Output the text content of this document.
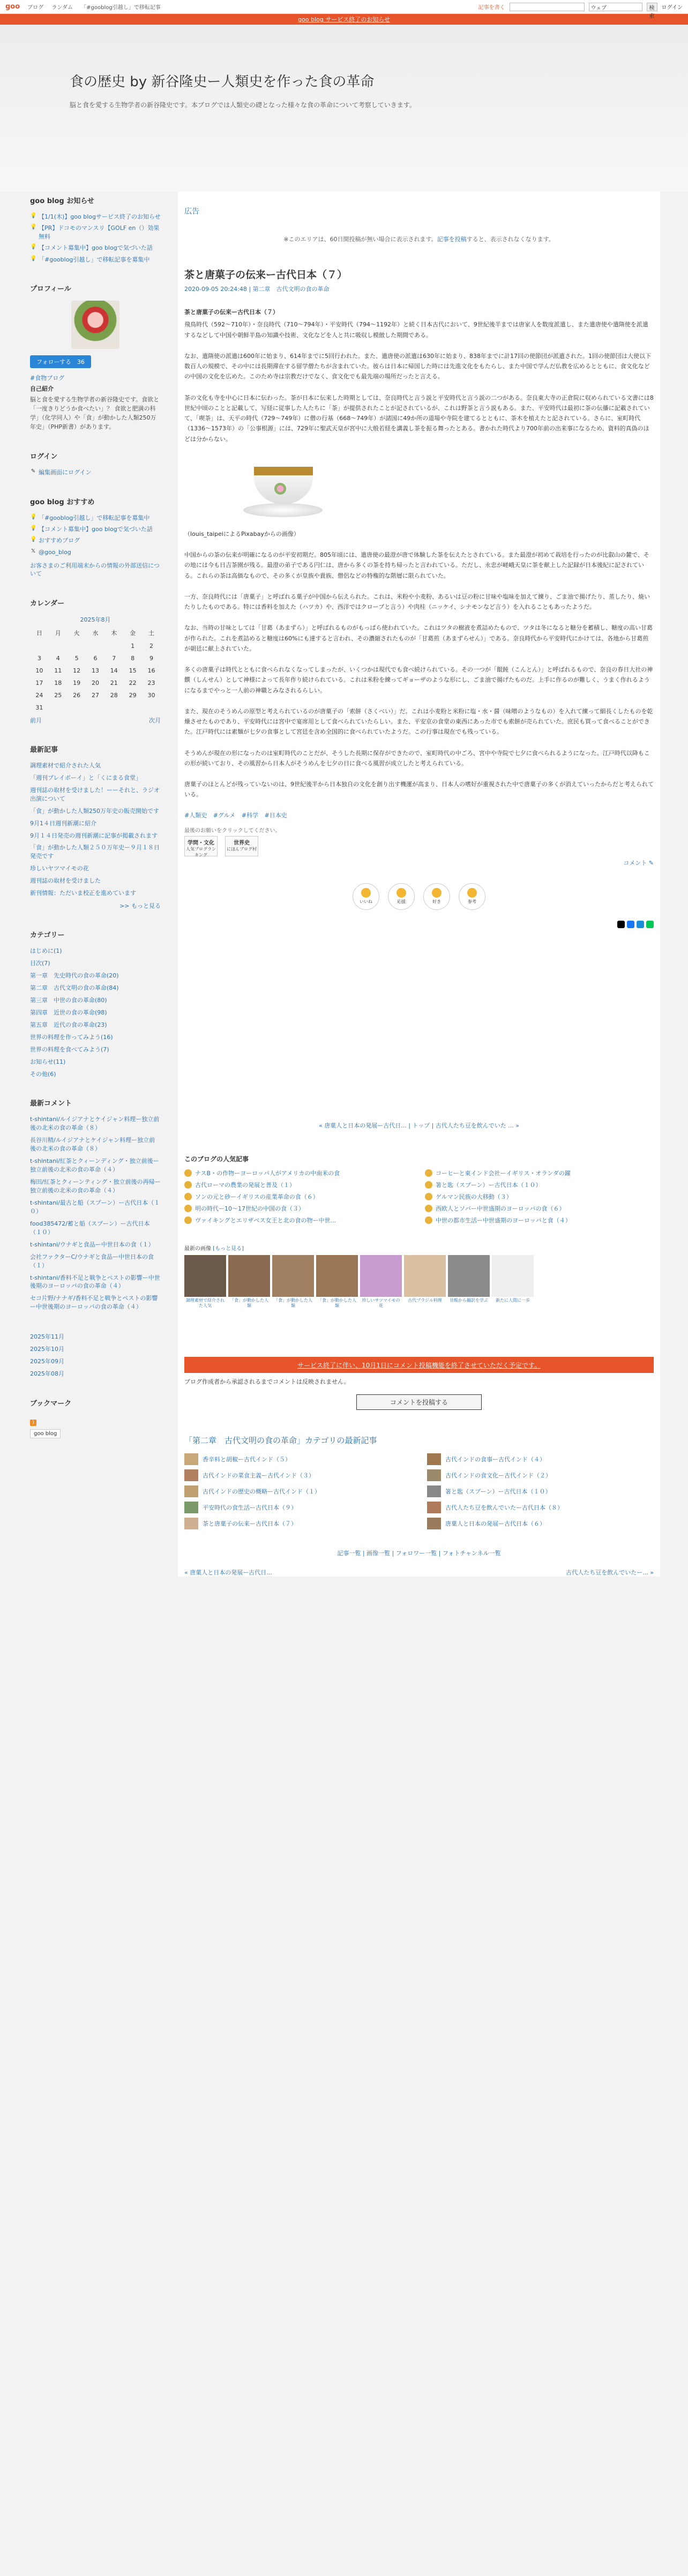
goo ブログ ランダム 「#gooblog引越し」で移転記事	記事を書く	ウェブ	検索
ログイン
goo blog サービス終了のお知らせ
食の歴史 by 新谷隆史ー人類史を作った食の革命

脳と食を愛する生物学者の新谷隆史です。本ブログでは人類史の礎となった様々な食の革命について考察していきます。

goo blog お知らせ
💡 【1/1(木)】goo blogサービス終了のお知らせ
💡 【PR】ドコモのマンスリ【GOLF en（）効果無料
💡 【コメント募集中】goo blogで気づいた話
💡 「#gooblog引越し」で移転記事を募集中
プロフィール
フォローする　 36
#食物ブログ
自己紹介

脳と食を愛する生物学者の新谷隆史です。食欲と「一度きりどうか食べたい」？ 食欲と肥満の科学」（化学同人）や「食」が動かした人類250万年史」（PHP新書）があります。

ログイン
✎ 編集画面にログイン
goo blog おすすめ
💡 「#gooblog引越し」で移転記事を募集中
💡 【コメント募集中】goo blogで気づいた話
💡 おすすめブログ
𝕏 @goo_blog
お客さまのご利用端末からの情報の外部送信について
カレンダー
2025年8月
日	月	火	水	木	金	土
					1	2
3	4	5	6	7	8	9
10	11	12	13	14	15	16
17	18	19	20	21	22	23
24	25	26	27	28	29	30
31						
前月	次月
最新記事
調理素材で紹介された人気
「週刊プレイボーイ」と「くにまる食堂」
週刊誌の取材を受けました！ーーそれと、ラジオ出演について
「食」が動かした人類250万年史の販売開始です
9月1４日週刊新潮に紹介
9月１４日発売の週刊新潮に記事が掲載されます
「食」が動かした人類２５０万年史ー９月１８日発売です
珍しいヤツマイモの花
週刊誌の取材を受けました
新刊情報：ただいま校正を進めています
>> もっと見る
カテゴリー
はじめに(1)
目次(7)
第一章　先史時代の食の革命(20)
第二章　古代文明の食の革命(84)
第三章　中世の食の革命(80)
第四章　近世の食の革命(98)
第五章　近代の食の革命(23)
世界の料理を作ってみよう(16)
世界の料理を食べてみよう(7)
お知らせ(11)
その他(6)
最新コメント
t-shintani/ルイジアナとケイジャン料理ー独立前後の北米の食の革命（８）
長谷川精/ルイジアナとケイジャン料理ー独立前後の北米の食の革命（８）
t-shintani/紅茶とクィーンディング・独立前後ー独立前後の北米の食の革命（４）
梅田/紅茶とクィーンティング・独立前後の再帰ー独立前後の北米の食の革命（４）
t-shintani/最古と船（スプーン）ー古代日本（１０）
food385472/蓄と船（スプーン）ー古代日本（１０）
t-shintani/ウナギと食品ー中世日本の食（１）
会社ファクターC/ウナギと食品ー中世日本の食（１）
t-shintani/香料不足と戦争とペストの影響ー中世後期のヨーロッパの食の革命（４）
セコ片野/ナナギ/香料不足と戦争とペストの影響ー中世後期のヨーロッパの食の革命（４）
2025年11月
2025年10月
2025年09月
2025年08月
ブックマーク
)
goo blog
広告

※このエリアは、60日間投稿が無い場合に表示されます。記事を投稿すると、表示されなくなります。

茶と唐菓子の伝来ー古代日本（７）
2020-09-05 20:24:48 | 第二章　古代文明の食の革命
茶と唐菓子の伝来ー古代日本（７）

飛鳥時代（592〜710年）・奈良時代（710〜794年）・平安時代（794〜1192年）と続く日本古代において、9世紀後半までは唐家人を数度派遣し、また遣唐使や遣隋使を派遣するなどして中国や朝鮮半島の知識や技術、文化などを人と共に吸収し模倣した期間である。

なお、遣隋使の派遣は600年に始まり、614年までに5回行われた。また、遣唐使の派遣は630年に始まり、838年までに計17回の使節団が派遣された。1回の使節団は大使以下数百人の規模で、その中には長期滞在する留学僧たちが含まれていた。彼らは日本に帰国した時には先進文化をもたらし、また中国で学んだ仏教を広めるとともに、食文化などの中国の文化を広めた。このため寺は宗教だけでなく、食文化でも最先端の場所だったと言える。

茶の文化も寺を中心に日本に伝わった。茶が日本に伝来した時期としては、奈良時代と言う説と平安時代と言う説の二つがある。奈良東大寺の正倉院に収められている文書には8世紀中頃のことと記載して、写経に従事した人たちに「茶」が提供されたことが記されているが、これは野茶と言う説もある。また、平安時代は最初に茶の伝播に記載されていて、「喫茶」は、天平の時代（729〜749年）に僧の行基（668〜749年）が諸国に49か所の道場や寺院を建てるとともに、茶木を植えたと記されている。さらに、室町時代（1336〜1573年）の「公事根源」には、729年に聖武天皇が宮中に大般若経を講義し茶を振る舞ったとある。書かれた時代より700年前の出来事になるため、資料的真偽のほどは分からない。

（louis_taipeiによるPixabayからの画像）

中国からの茶の伝来が明確になるのが平安初期だ。805年頃には、遣唐使の最澄が唐で体験した茶を伝えたとされている。また最澄が初めて栽培を行ったのが比叡山の麓で、その地には今も日吉茶園が残る。最澄の弟子である円仁は、唐から多くの茶を持ち帰ったと言われている。ただし、永忠が嵯峨天皇に茶を献上した記録が日本後紀に記されている。これらの茶は高価なもので、その多くが皇族や貴族、僧侶などの特権的な階層に限られていた。

一方、奈良時代には「唐菓子」と呼ばれる菓子が中国から伝えられた。これは、米粉や小麦粉、あるいは豆の粉に甘味や塩味を加えて練り、ごま油で揚げたり、蒸したり、焼いたりしたものである。特には香料を加えた（ハツカ）や、西洋ではクローブと言う）や肉桂（ニッケイ、シナモンなど言う）を入れることもあったようだ。

なお、当時の甘味としては「甘葛（あまずら）」と呼ばれるものがもっぱら使われていた。これはツタの樹液を煮詰めたもので、ツタは冬になると糖分を蓄積し、糖度の高い甘葛が作られた。これを煮詰めると糖度は60%にも達すると言われ、その濃縮されたものが「甘葛煎（あまずらせん）」である。奈良時代から平安時代にかけては、各地から甘葛煎が朝廷に献上されていた。

多くの唐菓子は時代とともに食べられなくなってしまったが、いくつかは現代でも食べ続けられている。その一つが「餛飩（こんとん）」と呼ばれるもので、奈良の春日大社の神饌（しんせん）として神様によって長年作り続けられている。これは米粉を練ってギョーザのような形にし、ごま油で揚げたものだ。上手に作るのが難しく、うまく作れるようになるまでやっと一人前の神職とみなされるらしい。

また、現在のそうめんの原型と考えられているのが唐菓子の「索餅（さくべい）」だ。これは小麦粉と米粉に塩・水・醤（味噌のようなもの）を入れて練って細長くしたものを乾燥させたものであり、平安時代には宮中で宴席用として食べられていたらしい。また、平安京の食堂の東西にあった市でも索餅が売られていた。庶民も買って食べることができた。江戸時代には素麺が七夕の食事として宮廷を含め全国的に食べられていたようだ。この行事は現在でも残っている。

そうめんが現在の形になったのは室町時代のことだが、そうした長期に保存ができたので、室町時代の中ごろ、宮中や寺院で七夕に食べられるようになった。江戸時代以降もこの形が続いており、その風習から日本人がそうめんを七夕の日に食べる風習が成立したと考えられている。

唐菓子のほとんどが残っていないのは、9世紀後半から日本独自の文化を創り出す機運が高まり、日本人の嗜好が重視された中で唐菓子の多くが消えていったからだと考えられている。

#人類史 #グルメ #科学 #日本史
最後のお願いをクリックしてください。
学問・文化
人気ブログランキング
世界史
にほんブログ村
コメント ✎
いいね	応援	好き	参考
« 唐菓人と日本の発展ー古代日... | トップ | 古代人たち豆を飲んでいた ... »
このブログの人気記事
ナスB・の作物ーヨーロッパ人がアメリカの中南米の食	コーヒーと東インド会社ーイギリス・オランダの躍
古代ローマの農業の発展と普及（１）	箸と匙（スプーン）ー古代日本（１０）
ソンの元と砂ーイギリスの産業革命の食（６）	ゲルマン民族の大移動（３）
明の時代ー10〜17世紀の中国の食（３）	西欧人とソバー中世盛期のヨーロッパの食（６）
ヴァイキングとエリザベス女王と北の食の物ー中世...	中世の都市生活ー中世盛期のヨーロッパと食（４）
最新の画像 [もっと見る]
調理素材で紹介された人気
「食」が動かした人類
「食」が動かした人類
「食」が動かした人類
珍しいサツマイモの花
古代ブラジル料理	甘酸から翻訳を学ぶ	新たに人間に一歩
サービス終了に伴い、10月1日にコメント投稿機能を終了させていただく予定です。

ブログ作成者から承認されるまでコメントは反映されません。

コメントを投稿する
「第二章　古代文明の食の革命」カテゴリの最新記事
香辛料と胡椒ー古代インド（５）	古代インドの食事ー古代インド（４）
古代インドの菜食主義ー古代インド（３）	古代インドの食文化ー古代インド（２）
古代インドの歴史の概略ー古代インド（１）	箸と匙（スプーン）ー古代日本（１０）
平安時代の食生活ー古代日本（９）	古代人たち豆を飲んでいたー古代日本（８）
茶と唐菓子の伝来ー古代日本（７）	唐菓人と日本の発展ー古代日本（６）
記事一覧 | 画像一覧 | フォロワー一覧 | フォトチャンネル一覧
« 唐菓人と日本の発展ー古代日...	古代人たち豆を飲んでいたー... »
